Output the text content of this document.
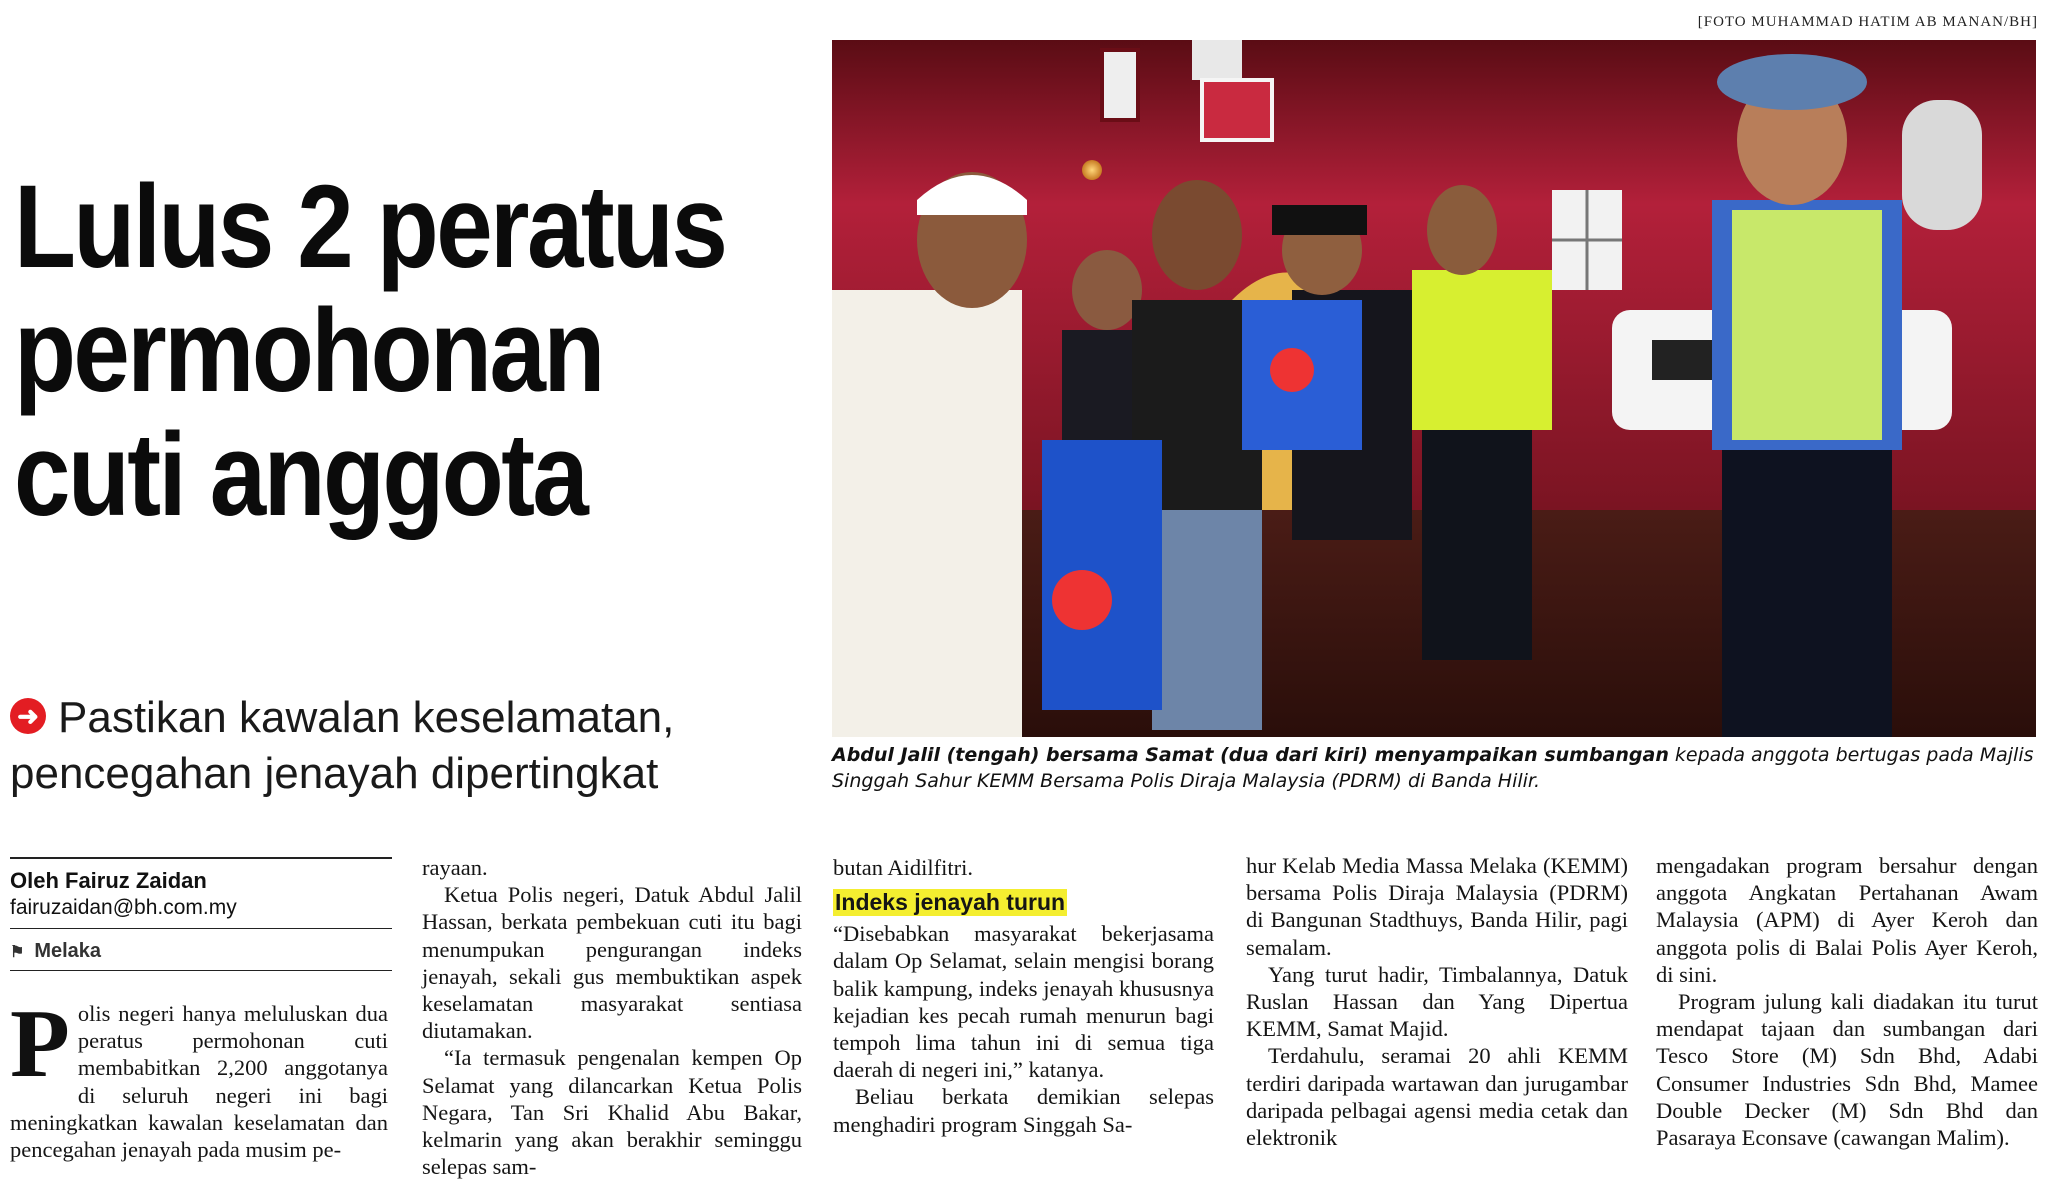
[FOTO MUHAMMAD HATIM AB MANAN/BH]
Lulus 2 peratus
permohonan
cuti anggota
➜ Pastikan kawalan keselamatan,
pencegahan jenayah dipertingkat	Abdul Jalil (tengah) bersama Samat (dua dari kiri) menyampaikan sumbangan kepada anggota bertugas pada Majlis Singgah Sahur KEMM Bersama Polis Diraja Malaysia (PDRM) di Banda Hilir.
Oleh Fairuz Zaidan
fairuzaidan@bh.com.my
⚑ Melaka
P olis negeri hanya meluluskan dua peratus permohonan cuti membabitkan 2,200 anggotanya di seluruh negeri ini bagi meningkatkan kawalan keselamatan dan pencegahan jenayah pada musim pe-

rayaan.

Ketua Polis negeri, Datuk Abdul Jalil Hassan, berkata pembekuan cuti itu bagi menumpukan pengurangan indeks jenayah, sekali gus membuktikan aspek keselamatan masyarakat sentiasa diutamakan.

“Ia termasuk pengenalan kempen Op Selamat yang dilancarkan Ketua Polis Negara, Tan Sri Khalid Abu Bakar, kelmarin yang akan berakhir seminggu selepas sam-

butan Aidilfitri.

Indeks jenayah turun

“Disebabkan masyarakat bekerjasama dalam Op Selamat, selain mengisi borang balik kampung, indeks jenayah khususnya kejadian kes pecah rumah menurun bagi tempoh lima tahun ini di semua tiga daerah di negeri ini,” katanya.

Beliau berkata demikian selepas menghadiri program Singgah Sa-

hur Kelab Media Massa Melaka (KEMM) bersama Polis Diraja Malaysia (PDRM) di Bangunan Stadthuys, Banda Hilir, pagi semalam.

Yang turut hadir, Timbalannya, Datuk Ruslan Hassan dan Yang Dipertua KEMM, Samat Majid.

Terdahulu, seramai 20 ahli KEMM terdiri daripada wartawan dan jurugambar daripada pelbagai agensi media cetak dan elektronik

mengadakan program bersahur dengan anggota Angkatan Pertahanan Awam Malaysia (APM) di Ayer Keroh dan anggota polis di Balai Polis Ayer Keroh, di sini.

Program julung kali diadakan itu turut mendapat tajaan dan sumbangan dari Tesco Store (M) Sdn Bhd, Adabi Consumer Industries Sdn Bhd, Mamee Double Decker (M) Sdn Bhd dan Pasaraya Econsave (cawangan Malim).
